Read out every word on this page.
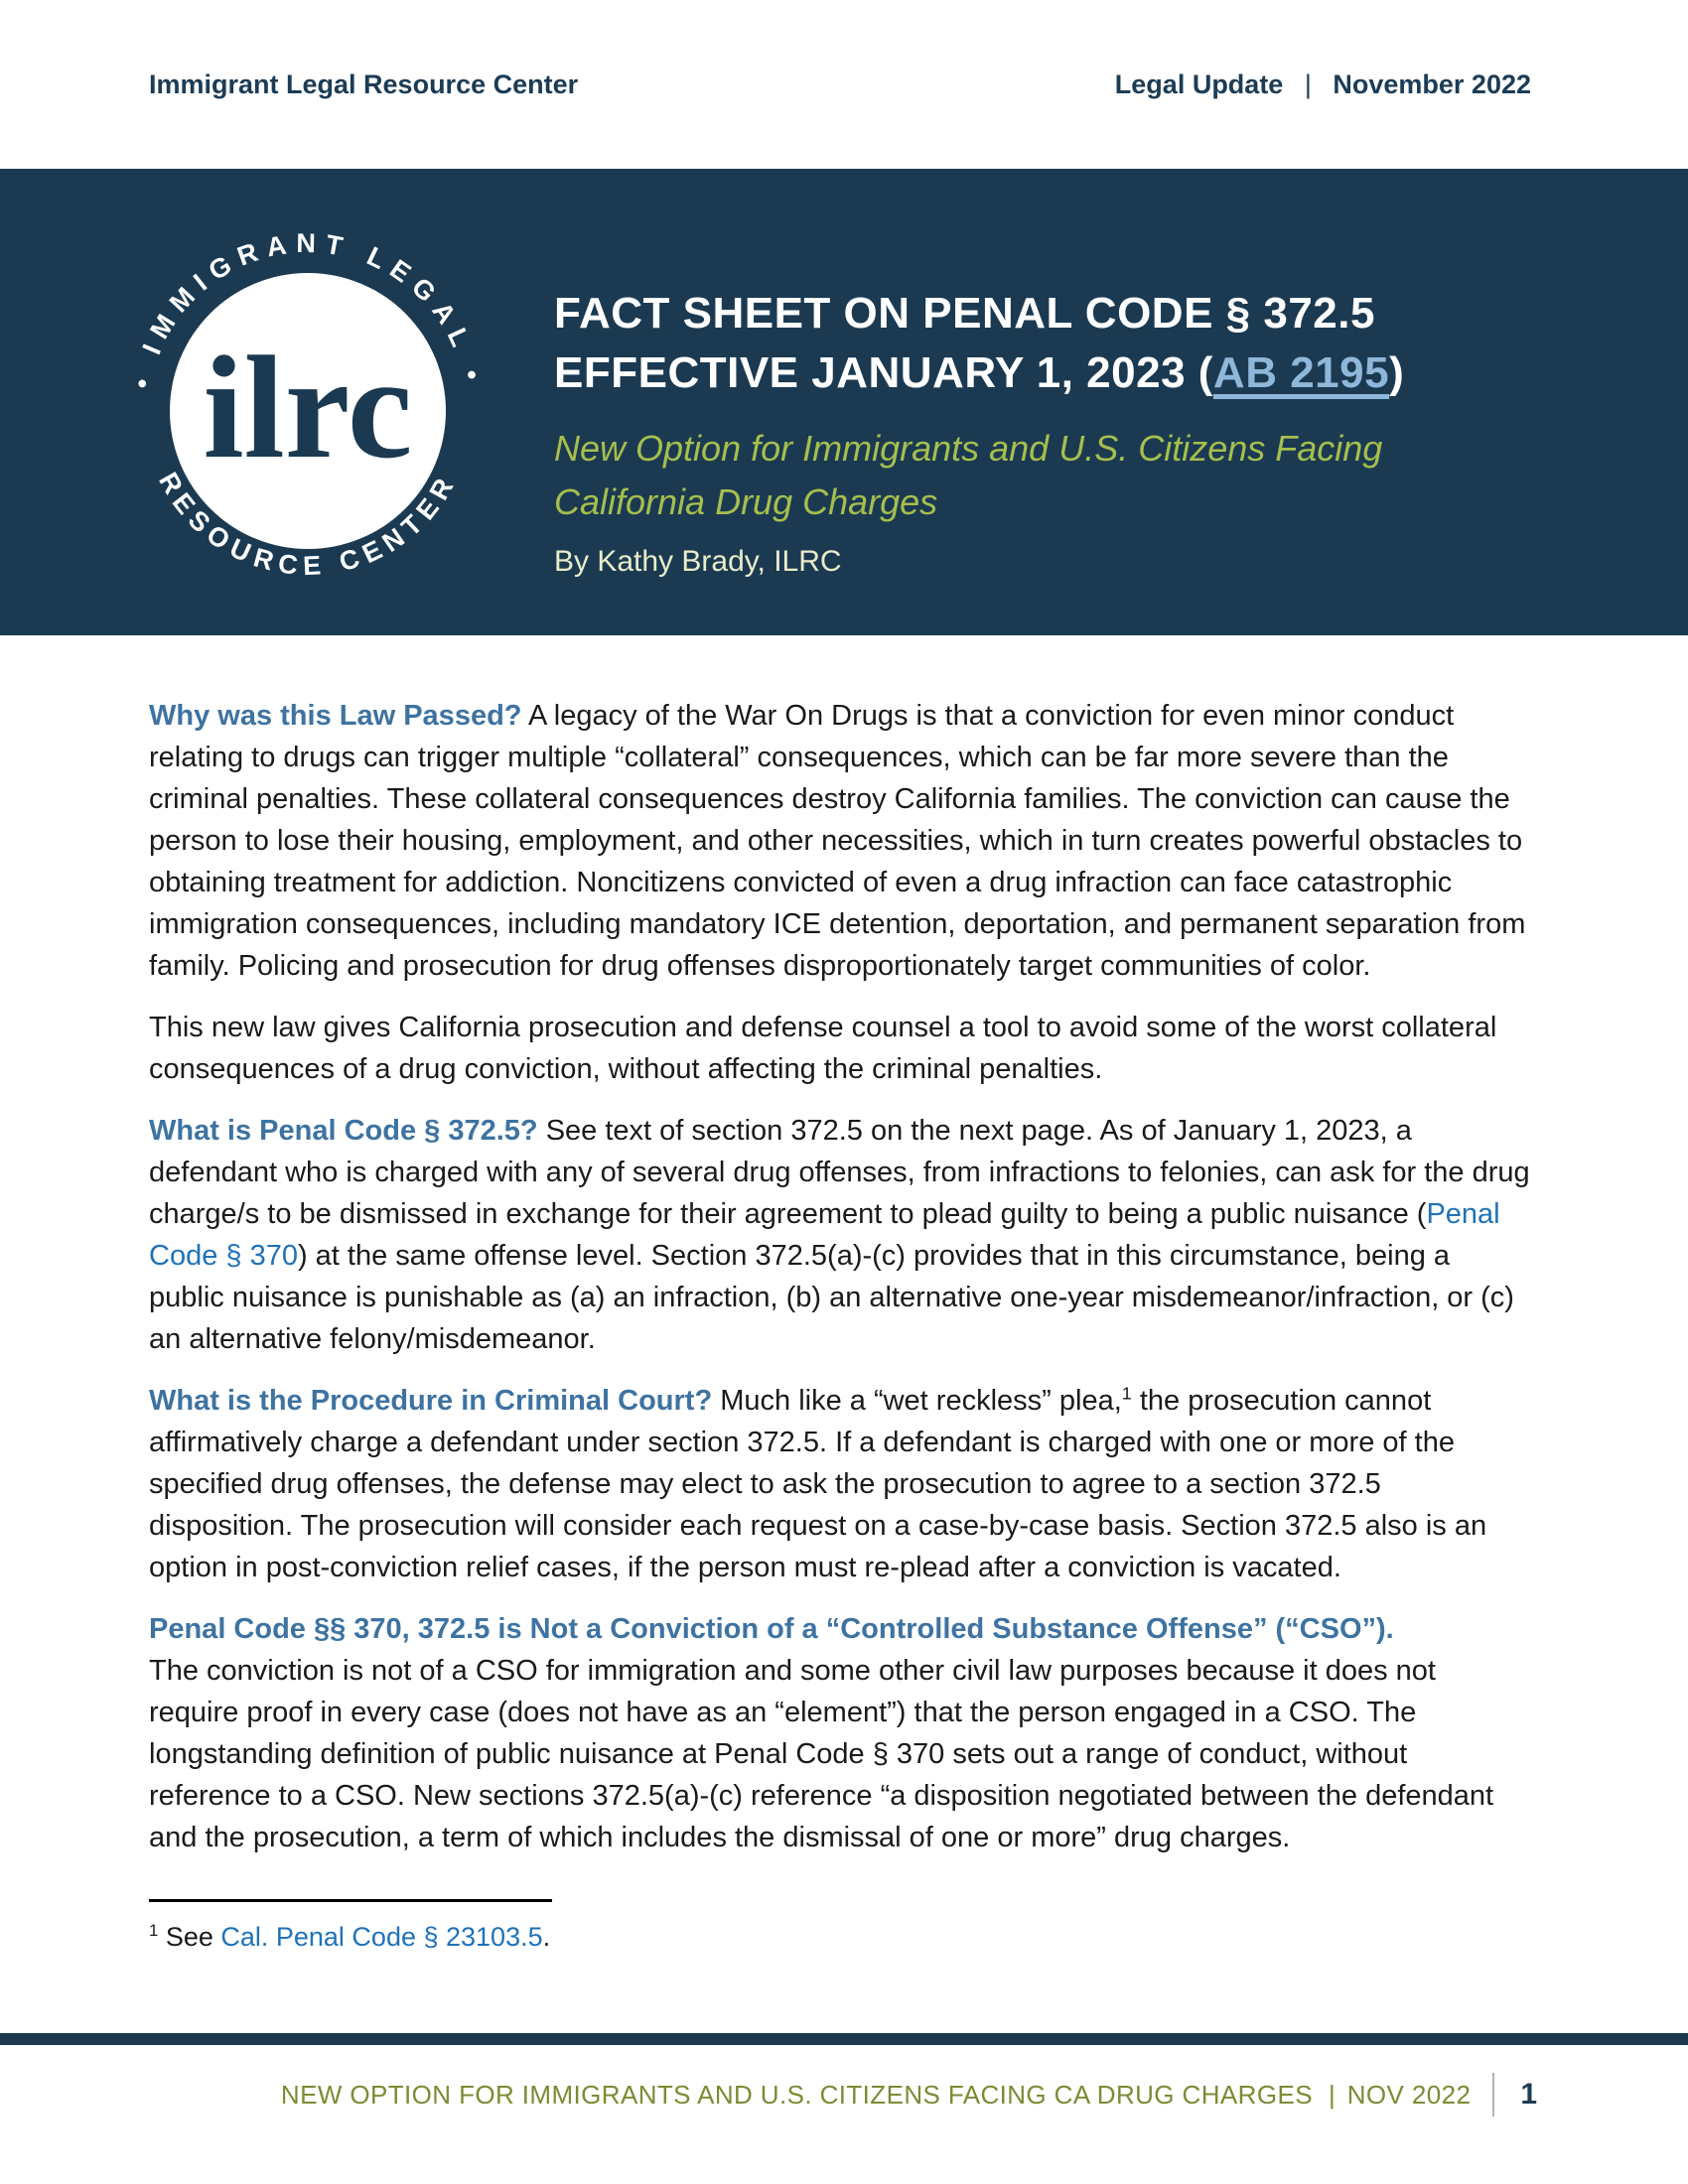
Immigrant Legal Resource Center	Legal Update | November 2022
• IMMIGRANT LEGAL •
RESOURCE CENTER
ilrc
FACT SHEET ON PENAL CODE § 372.5
EFFECTIVE JANUARY 1, 2023 (AB 2195)
New Option for Immigrants and U.S. Citizens Facing California Drug Charges
By Kathy Brady, ILRC

Why was this Law Passed? A legacy of the War On Drugs is that a conviction for even minor conduct relating to drugs can trigger multiple “collateral” consequences, which can be far more severe than the criminal penalties. These collateral consequences destroy California families. The conviction can cause the person to lose their housing, employment, and other necessities, which in turn creates powerful obstacles to obtaining treatment for addiction. Noncitizens convicted of even a drug infraction can face catastrophic immigration consequences, including mandatory ICE detention, deportation, and permanent separation from family. Policing and prosecution for drug offenses disproportionately target communities of color.

This new law gives California prosecution and defense counsel a tool to avoid some of the worst collateral consequences of a drug conviction, without affecting the criminal penalties.

What is Penal Code § 372.5? See text of section 372.5 on the next page. As of January 1, 2023, a defendant who is charged with any of several drug offenses, from infractions to felonies, can ask for the drug charge/s to be dismissed in exchange for their agreement to plead guilty to being a public nuisance (Penal Code § 370) at the same offense level. Section 372.5(a)-(c) provides that in this circumstance, being a public nuisance is punishable as (a) an infraction, (b) an alternative one-year misdemeanor/infraction, or (c) an alternative felony/misdemeanor.

What is the Procedure in Criminal Court? Much like a “wet reckless” plea,$^1$ the prosecution cannot affirmatively charge a defendant under section 372.5. If a defendant is charged with one or more of the specified drug offenses, the defense may elect to ask the prosecution to agree to a section 372.5 disposition. The prosecution will consider each request on a case-by-case basis. Section 372.5 also is an option in post-conviction relief cases, if the person must re-plead after a conviction is vacated.

Penal Code §§ 370, 372.5 is Not a Conviction of a “Controlled Substance Offense” (“CSO”).
The conviction is not of a CSO for immigration and some other civil law purposes because it does not require proof in every case (does not have as an “element”) that the person engaged in a CSO. The longstanding definition of public nuisance at Penal Code § 370 sets out a range of conduct, without reference to a CSO. New sections 372.5(a)-(c) reference “a disposition negotiated between the defendant and the prosecution, a term of which includes the dismissal of one or more” drug charges.

$^1$ See Cal. Penal Code § 23103.5.
NEW OPTION FOR IMMIGRANTS AND U.S. CITIZENS FACING CA DRUG CHARGES | NOV 2022 1
